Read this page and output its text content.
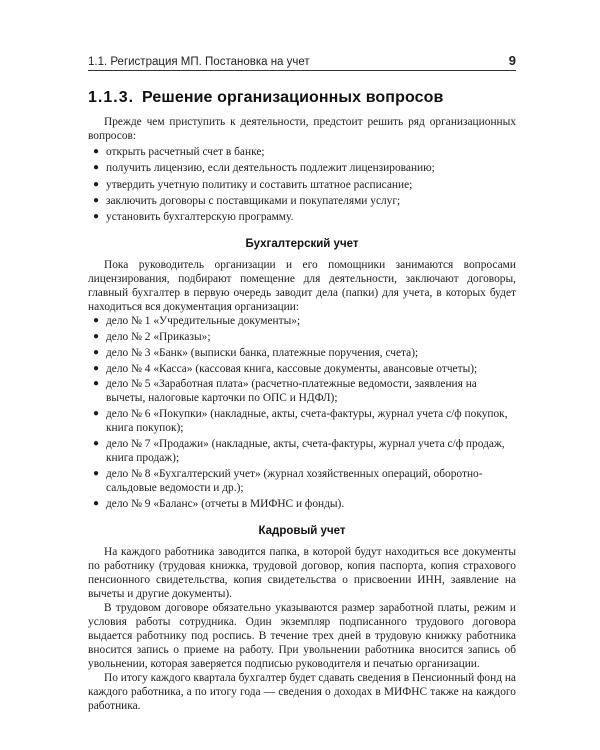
1.1. Регистрация МП. Постановка на учет	9
1.1.3. Решение организационных вопросов

Прежде чем приступить к деятельности, предстоит решить ряд организационных вопросов:

● открыть расчетный счет в банке;
● получить лицензию, если деятельность подлежит лицензированию;
● утвердить учетную политику и составить штатное расписание;
● заключить договоры с поставщиками и покупателями услуг;
● установить бухгалтерскую программу.
Бухгалтерский учет

Пока руководитель организации и его помощники занимаются вопросами лицензирования, подбирают помещение для деятельности, заключают договоры, главный бухгалтер в первую очередь заводит дела (папки) для учета, в которых будет находиться вся документация организации:

● дело № 1 «Учредительные документы»;
● дело № 2 «Приказы»;
● дело № 3 «Банк» (выписки банка, платежные поручения, счета);
● дело № 4 «Касса» (кассовая книга, кассовые документы, авансовые отчеты);
● дело № 5 «Заработная плата» (расчетно-платежные ведомости, заявления на вычеты, налоговые карточки по ОПС и НДФЛ);
● дело № 6 «Покупки» (накладные, акты, счета-фактуры, журнал учета с/ф покупок, книга покупок);
● дело № 7 «Продажи» (накладные, акты, счета-фактуры, журнал учета с/ф продаж, книга продаж);
● дело № 8 «Бухгалтерский учет» (журнал хозяйственных операций, оборотно-сальдовые ведомости и др.);
● дело № 9 «Баланс» (отчеты в МИФНС и фонды).
Кадровый учет

На каждого работника заводится папка, в которой будут находиться все документы по работнику (трудовая книжка, трудовой договор, копия паспорта, копия страхового пенсионного свидетельства, копия свидетельства о присвоении ИНН, заявление на вычеты и другие документы).

В трудовом договоре обязательно указываются размер заработной платы, режим и условия работы сотрудника. Один экземпляр подписанного трудового договора выдается работнику под роспись. В течение трех дней в трудовую книжку работника вносится запись о приеме на работу. При увольнении работника вносится запись об увольнении, которая заверяется подписью руководителя и печатью организации.

По итогу каждого квартала бухгалтер будет сдавать сведения в Пенсионный фонд на каждого работника, а по итогу года — сведения о доходах в МИФНС также на каждого работника.
